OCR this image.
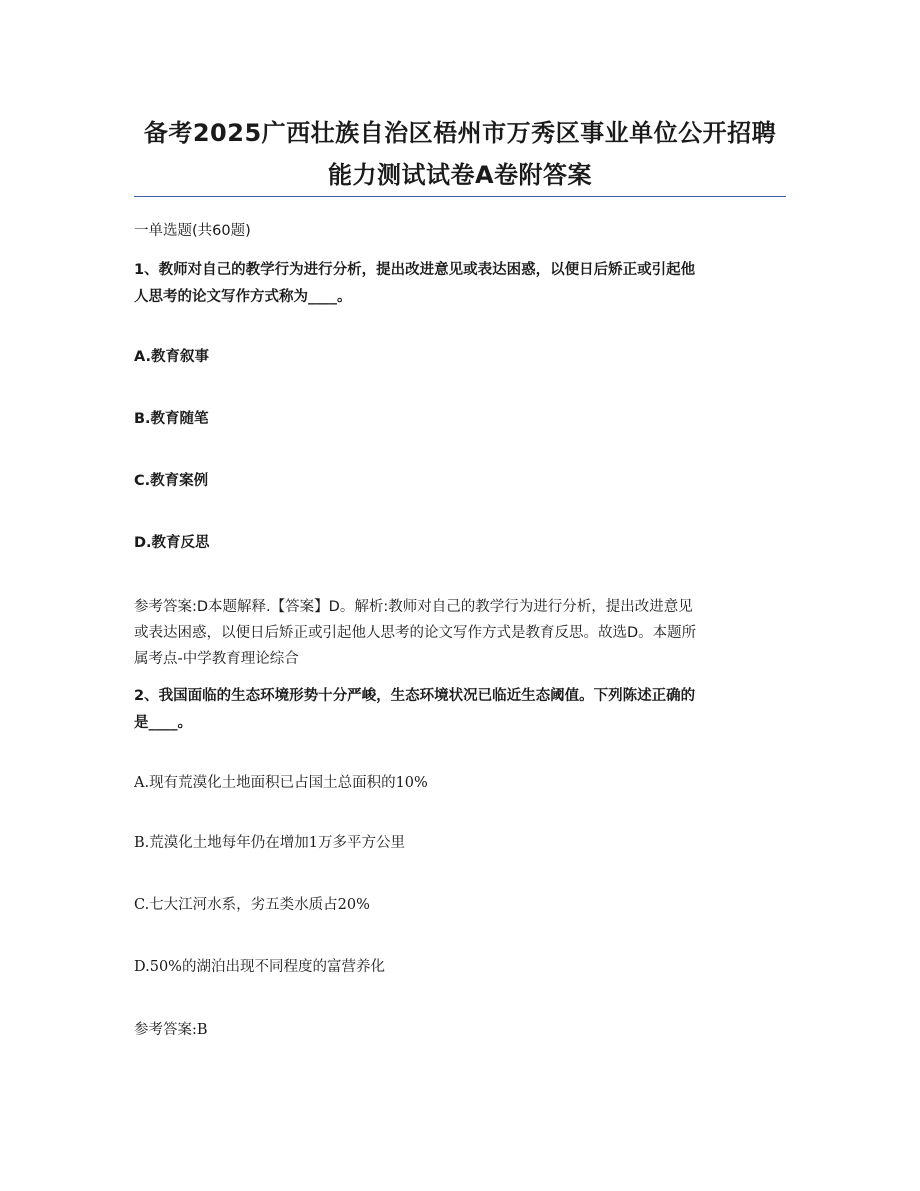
备考2025广西壮族自治区梧州市万秀区事业单位公开招聘
能力测试试卷A卷附答案
一单选题(共60题)
1、教师对自己的教学行为进行分析，提出改进意见或表达困惑，以便日后矫正或引起他
人思考的论文写作方式称为____。
A.教育叙事
B.教育随笔
C.教育案例
D.教育反思
参考答案:D本题解释.【答案】D。解析:教师对自己的教学行为进行分析，提出改进意见
或表达困惑，以便日后矫正或引起他人思考的论文写作方式是教育反思。故选D。本题所
属考点-中学教育理论综合
2、我国面临的生态环境形势十分严峻，生态环境状况已临近生态阈值。下列陈述正确的
是____。
A.现有荒漠化土地面积已占国土总面积的10%
B.荒漠化土地每年仍在增加1万多平方公里
C.七大江河水系，劣五类水质占20%
D.50%的湖泊出现不同程度的富营养化
参考答案:B
